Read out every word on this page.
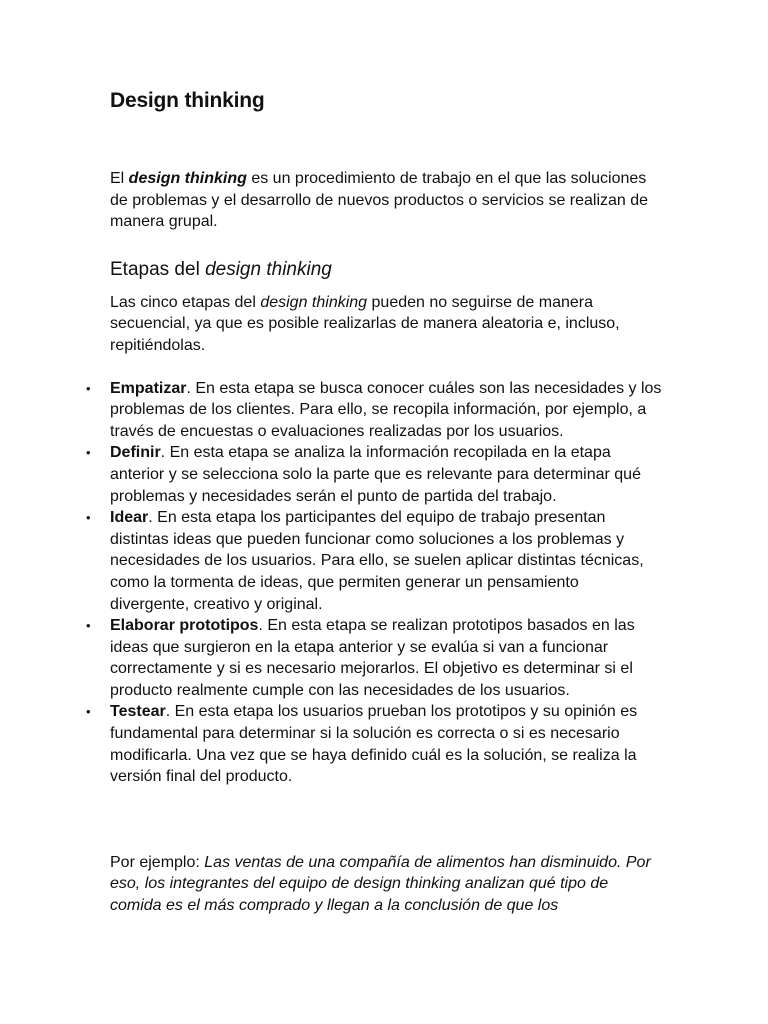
Design thinking

El design thinking es un procedimiento de trabajo en el que las soluciones de problemas y el desarrollo de nuevos productos o servicios se realizan de manera grupal.

Etapas del design thinking

Las cinco etapas del design thinking pueden no seguirse de manera secuencial, ya que es posible realizarlas de manera aleatoria e, incluso, repitiéndolas.

• Empatizar. En esta etapa se busca conocer cuáles son las necesidades y los problemas de los clientes. Para ello, se recopila información, por ejemplo, a través de encuestas o evaluaciones realizadas por los usuarios.
• Definir. En esta etapa se analiza la información recopilada en la etapa anterior y se selecciona solo la parte que es relevante para determinar qué problemas y necesidades serán el punto de partida del trabajo.
• Idear. En esta etapa los participantes del equipo de trabajo presentan distintas ideas que pueden funcionar como soluciones a los problemas y necesidades de los usuarios. Para ello, se suelen aplicar distintas técnicas, como la tormenta de ideas, que permiten generar un pensamiento divergente, creativo y original.
• Elaborar prototipos. En esta etapa se realizan prototipos basados en las ideas que surgieron en la etapa anterior y se evalúa si van a funcionar correctamente y si es necesario mejorarlos. El objetivo es determinar si el producto realmente cumple con las necesidades de los usuarios.
• Testear. En esta etapa los usuarios prueban los prototipos y su opinión es fundamental para determinar si la solución es correcta o si es necesario modificarla. Una vez que se haya definido cuál es la solución, se realiza la versión final del producto.

Por ejemplo: Las ventas de una compañía de alimentos han disminuido. Por eso, los integrantes del equipo de design thinking analizan qué tipo de comida es el más comprado y llegan a la conclusión de que los
